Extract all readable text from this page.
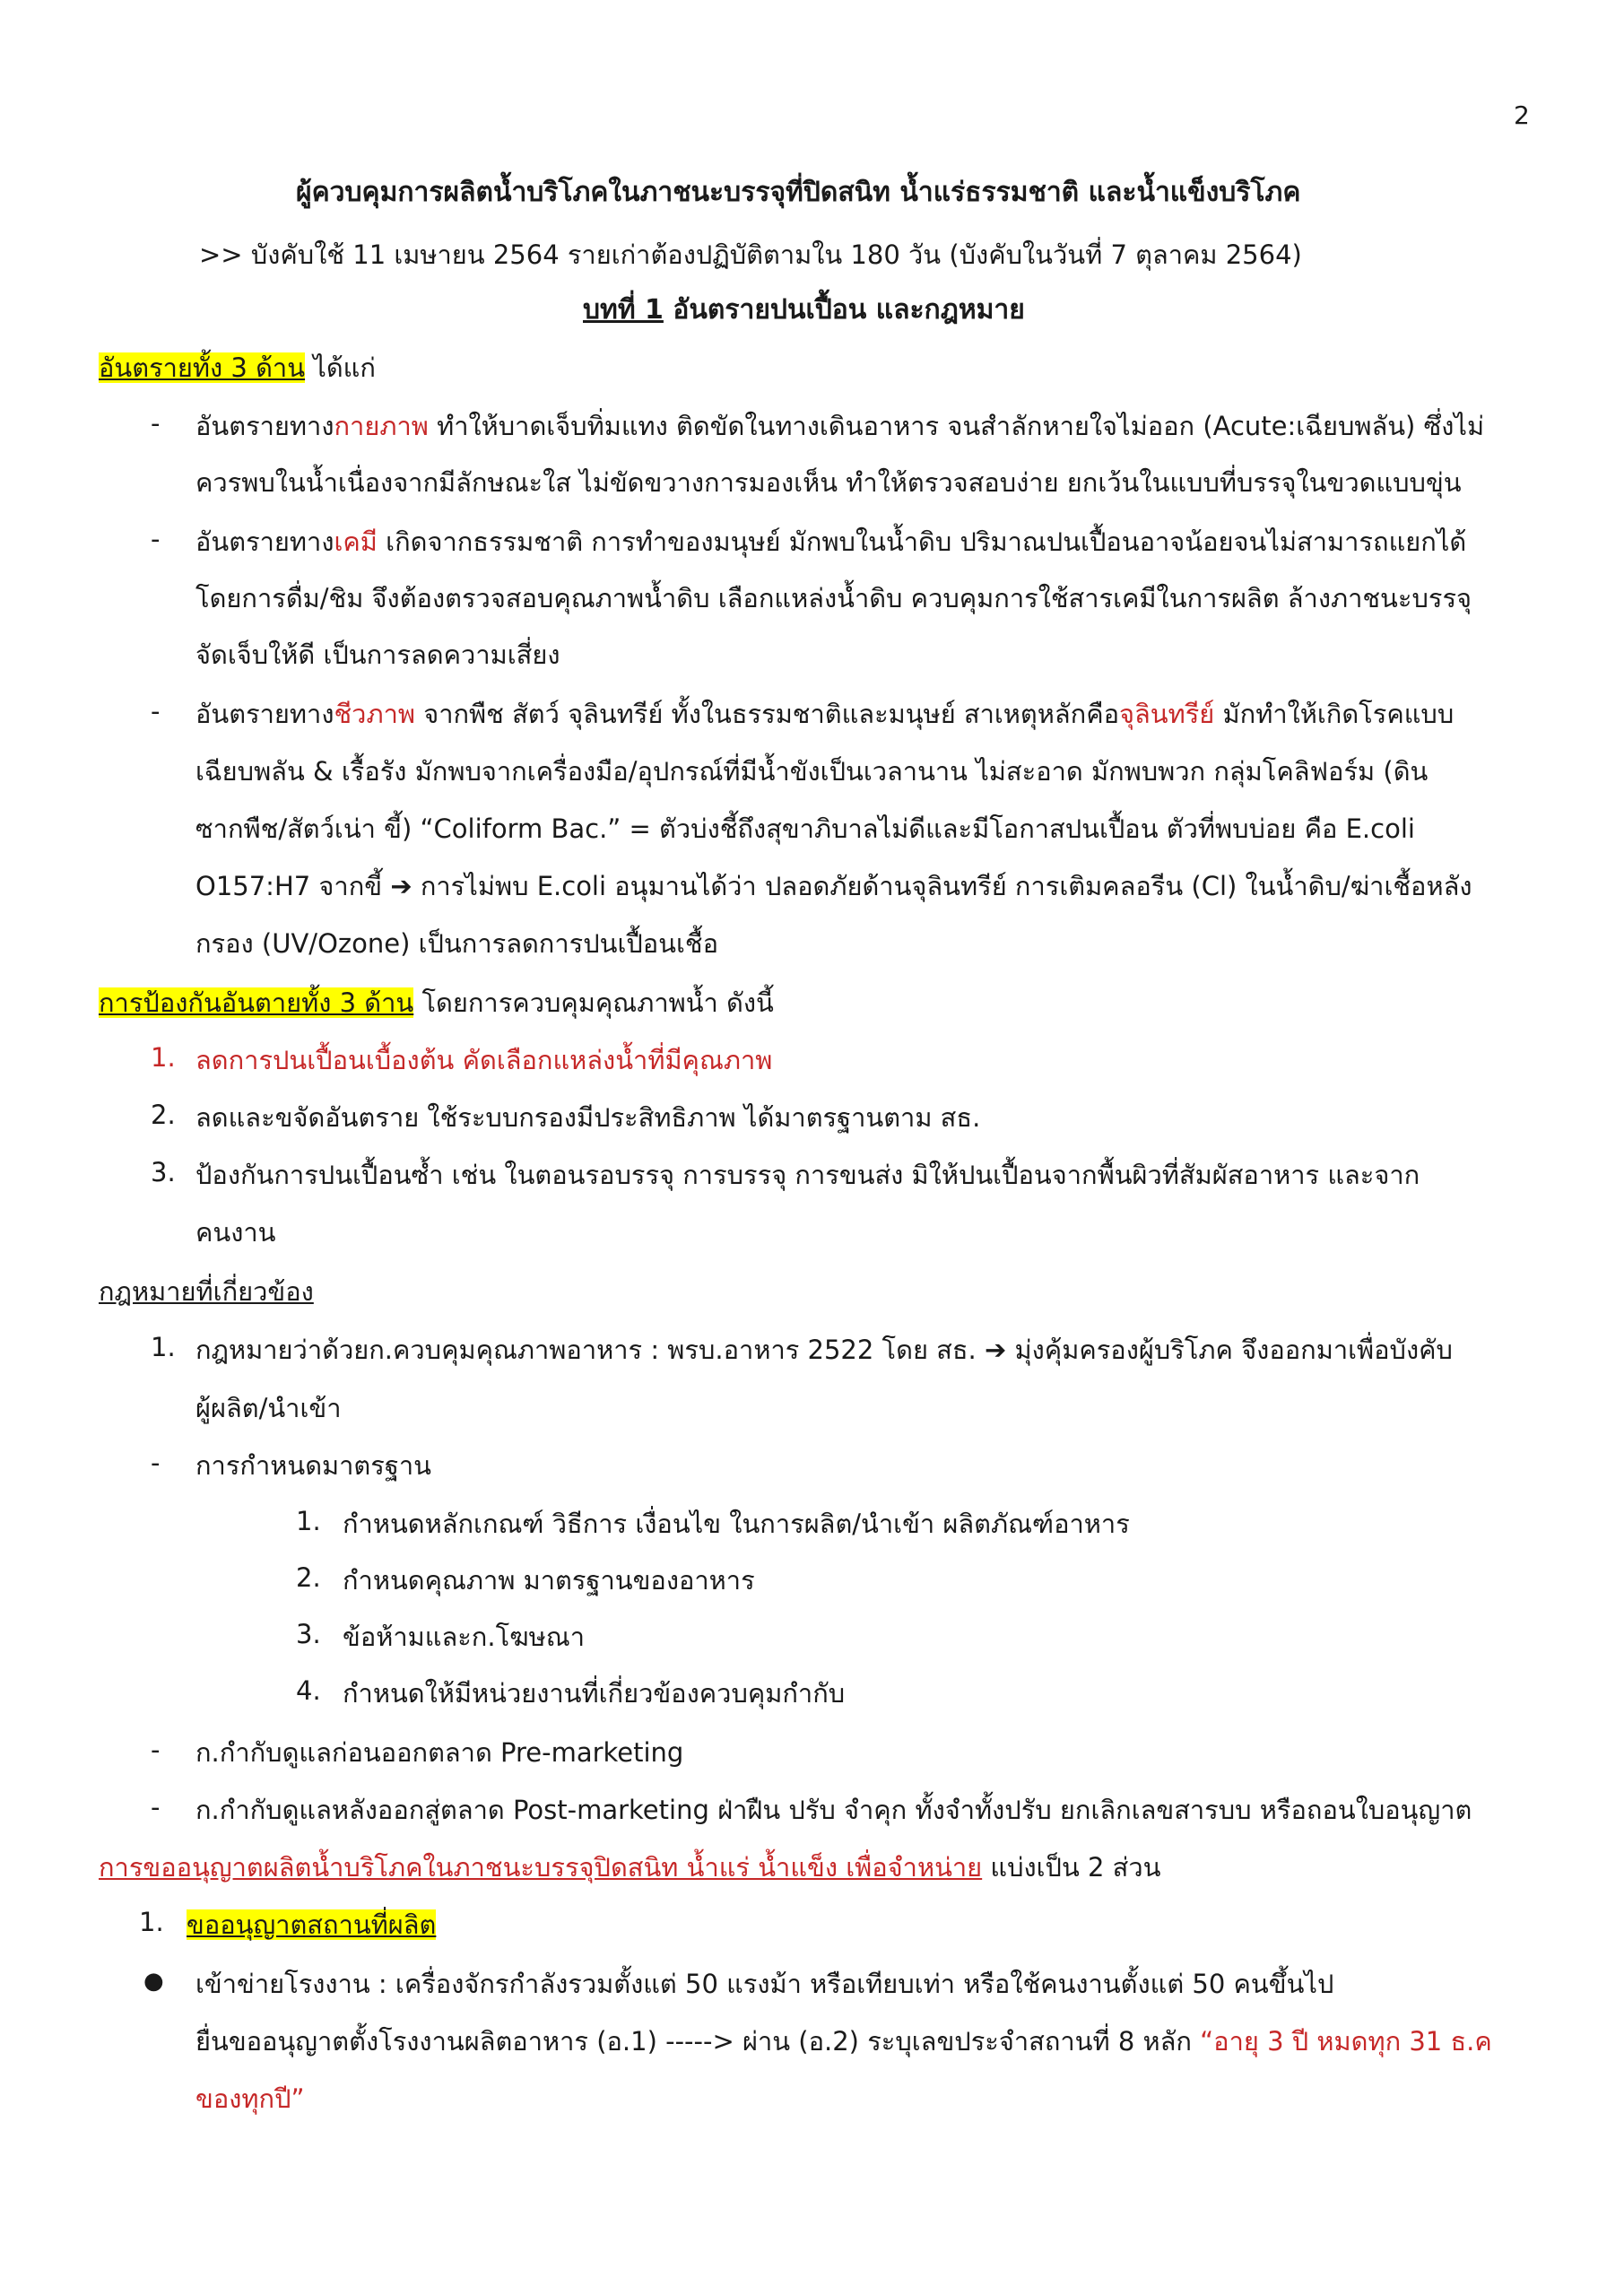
2
ผู้ควบคุมการผลิตน้ำบริโภคในภาชนะบรรจุที่ปิดสนิท น้ำแร่ธรรมชาติ และน้ำแข็งบริโภค
>> บังคับใช้ 11 เมษายน 2564 รายเก่าต้องปฏิบัติตามใน 180 วัน (บังคับในวันที่ 7 ตุลาคม 2564)
บทที่ 1 อันตรายปนเปื้อน และกฎหมาย
อันตรายทั้ง 3 ด้าน ได้แก่
- อันตรายทางกายภาพ ทำให้บาดเจ็บทิ่มแทง ติดขัดในทางเดินอาหาร จนสำลักหายใจไม่ออก (Acute:เฉียบพลัน) ซึ่งไม่
ควรพบในน้ำเนื่องจากมีลักษณะใส ไม่ขัดขวางการมองเห็น ทำให้ตรวจสอบง่าย ยกเว้นในแบบที่บรรจุในขวดแบบขุ่น
- อันตรายทางเคมี เกิดจากธรรมชาติ การทำของมนุษย์ มักพบในน้ำดิบ ปริมาณปนเปื้อนอาจน้อยจนไม่สามารถแยกได้
โดยการดื่ม/ชิม จึงต้องตรวจสอบคุณภาพน้ำดิบ เลือกแหล่งน้ำดิบ ควบคุมการใช้สารเคมีในการผลิต ล้างภาชนะบรรจุ
จัดเจ็บให้ดี เป็นการลดความเสี่ยง
- อันตรายทางชีวภาพ จากพืช สัตว์ จุลินทรีย์ ทั้งในธรรมชาติและมนุษย์ สาเหตุหลักคือจุลินทรีย์ มักทำให้เกิดโรคแบบ
เฉียบพลัน & เรื้อรัง มักพบจากเครื่องมือ/อุปกรณ์ที่มีน้ำขังเป็นเวลานาน ไม่สะอาด มักพบพวก กลุ่มโคลิฟอร์ม (ดิน
ซากพืช/สัตว์เน่า ขี้) “Coliform Bac.” = ตัวบ่งชี้ถึงสุขาภิบาลไม่ดีและมีโอกาสปนเปื้อน ตัวที่พบบ่อย คือ E.coli
O157:H7 จากขี้ ➔ การไม่พบ E.coli อนุมานได้ว่า ปลอดภัยด้านจุลินทรีย์ การเติมคลอรีน (Cl) ในน้ำดิบ/ฆ่าเชื้อหลัง
กรอง (UV/Ozone) เป็นการลดการปนเปื้อนเชื้อ
การป้องกันอันตายทั้ง 3 ด้าน โดยการควบคุมคุณภาพน้ำ ดังนี้
1. ลดการปนเปื้อนเบื้องต้น คัดเลือกแหล่งน้ำที่มีคุณภาพ
2. ลดและขจัดอันตราย ใช้ระบบกรองมีประสิทธิภาพ ได้มาตรฐานตาม สธ.
3. ป้องกันการปนเปื้อนซ้ำ เช่น ในตอนรอบรรจุ การบรรจุ การขนส่ง มิให้ปนเปื้อนจากพื้นผิวที่สัมผัสอาหาร และจาก
คนงาน
กฎหมายที่เกี่ยวข้อง
1. กฎหมายว่าด้วยก.ควบคุมคุณภาพอาหาร : พรบ.อาหาร 2522 โดย สธ. ➔ มุ่งคุ้มครองผู้บริโภค จึงออกมาเพื่อบังคับ
ผู้ผลิต/นำเข้า
- การกำหนดมาตรฐาน
1. กำหนดหลักเกณฑ์ วิธีการ เงื่อนไข ในการผลิต/นำเข้า ผลิตภัณฑ์อาหาร
2. กำหนดคุณภาพ มาตรฐานของอาหาร
3. ข้อห้ามและก.โฆษณา
4. กำหนดให้มีหน่วยงานที่เกี่ยวข้องควบคุมกำกับ
- ก.กำกับดูแลก่อนออกตลาด Pre-marketing
- ก.กำกับดูแลหลังออกสู่ตลาด Post-marketing ฝ่าฝืน ปรับ จำคุก ทั้งจำทั้งปรับ ยกเลิกเลขสารบบ หรือถอนใบอนุญาต
การขออนุญาตผลิตน้ำบริโภคในภาชนะบรรจุปิดสนิท น้ำแร่ น้ำแข็ง เพื่อจำหน่าย แบ่งเป็น 2 ส่วน
1. ขออนุญาตสถานที่ผลิต
● เข้าข่ายโรงงาน : เครื่องจักรกำลังรวมตั้งแต่ 50 แรงม้า หรือเทียบเท่า หรือใช้คนงานตั้งแต่ 50 คนขึ้นไป
ยื่นขออนุญาตตั้งโรงงานผลิตอาหาร (อ.1) -----> ผ่าน (อ.2) ระบุเลขประจำสถานที่ 8 หลัก “อายุ 3 ปี หมดทุก 31 ธ.ค
ของทุกปี”
